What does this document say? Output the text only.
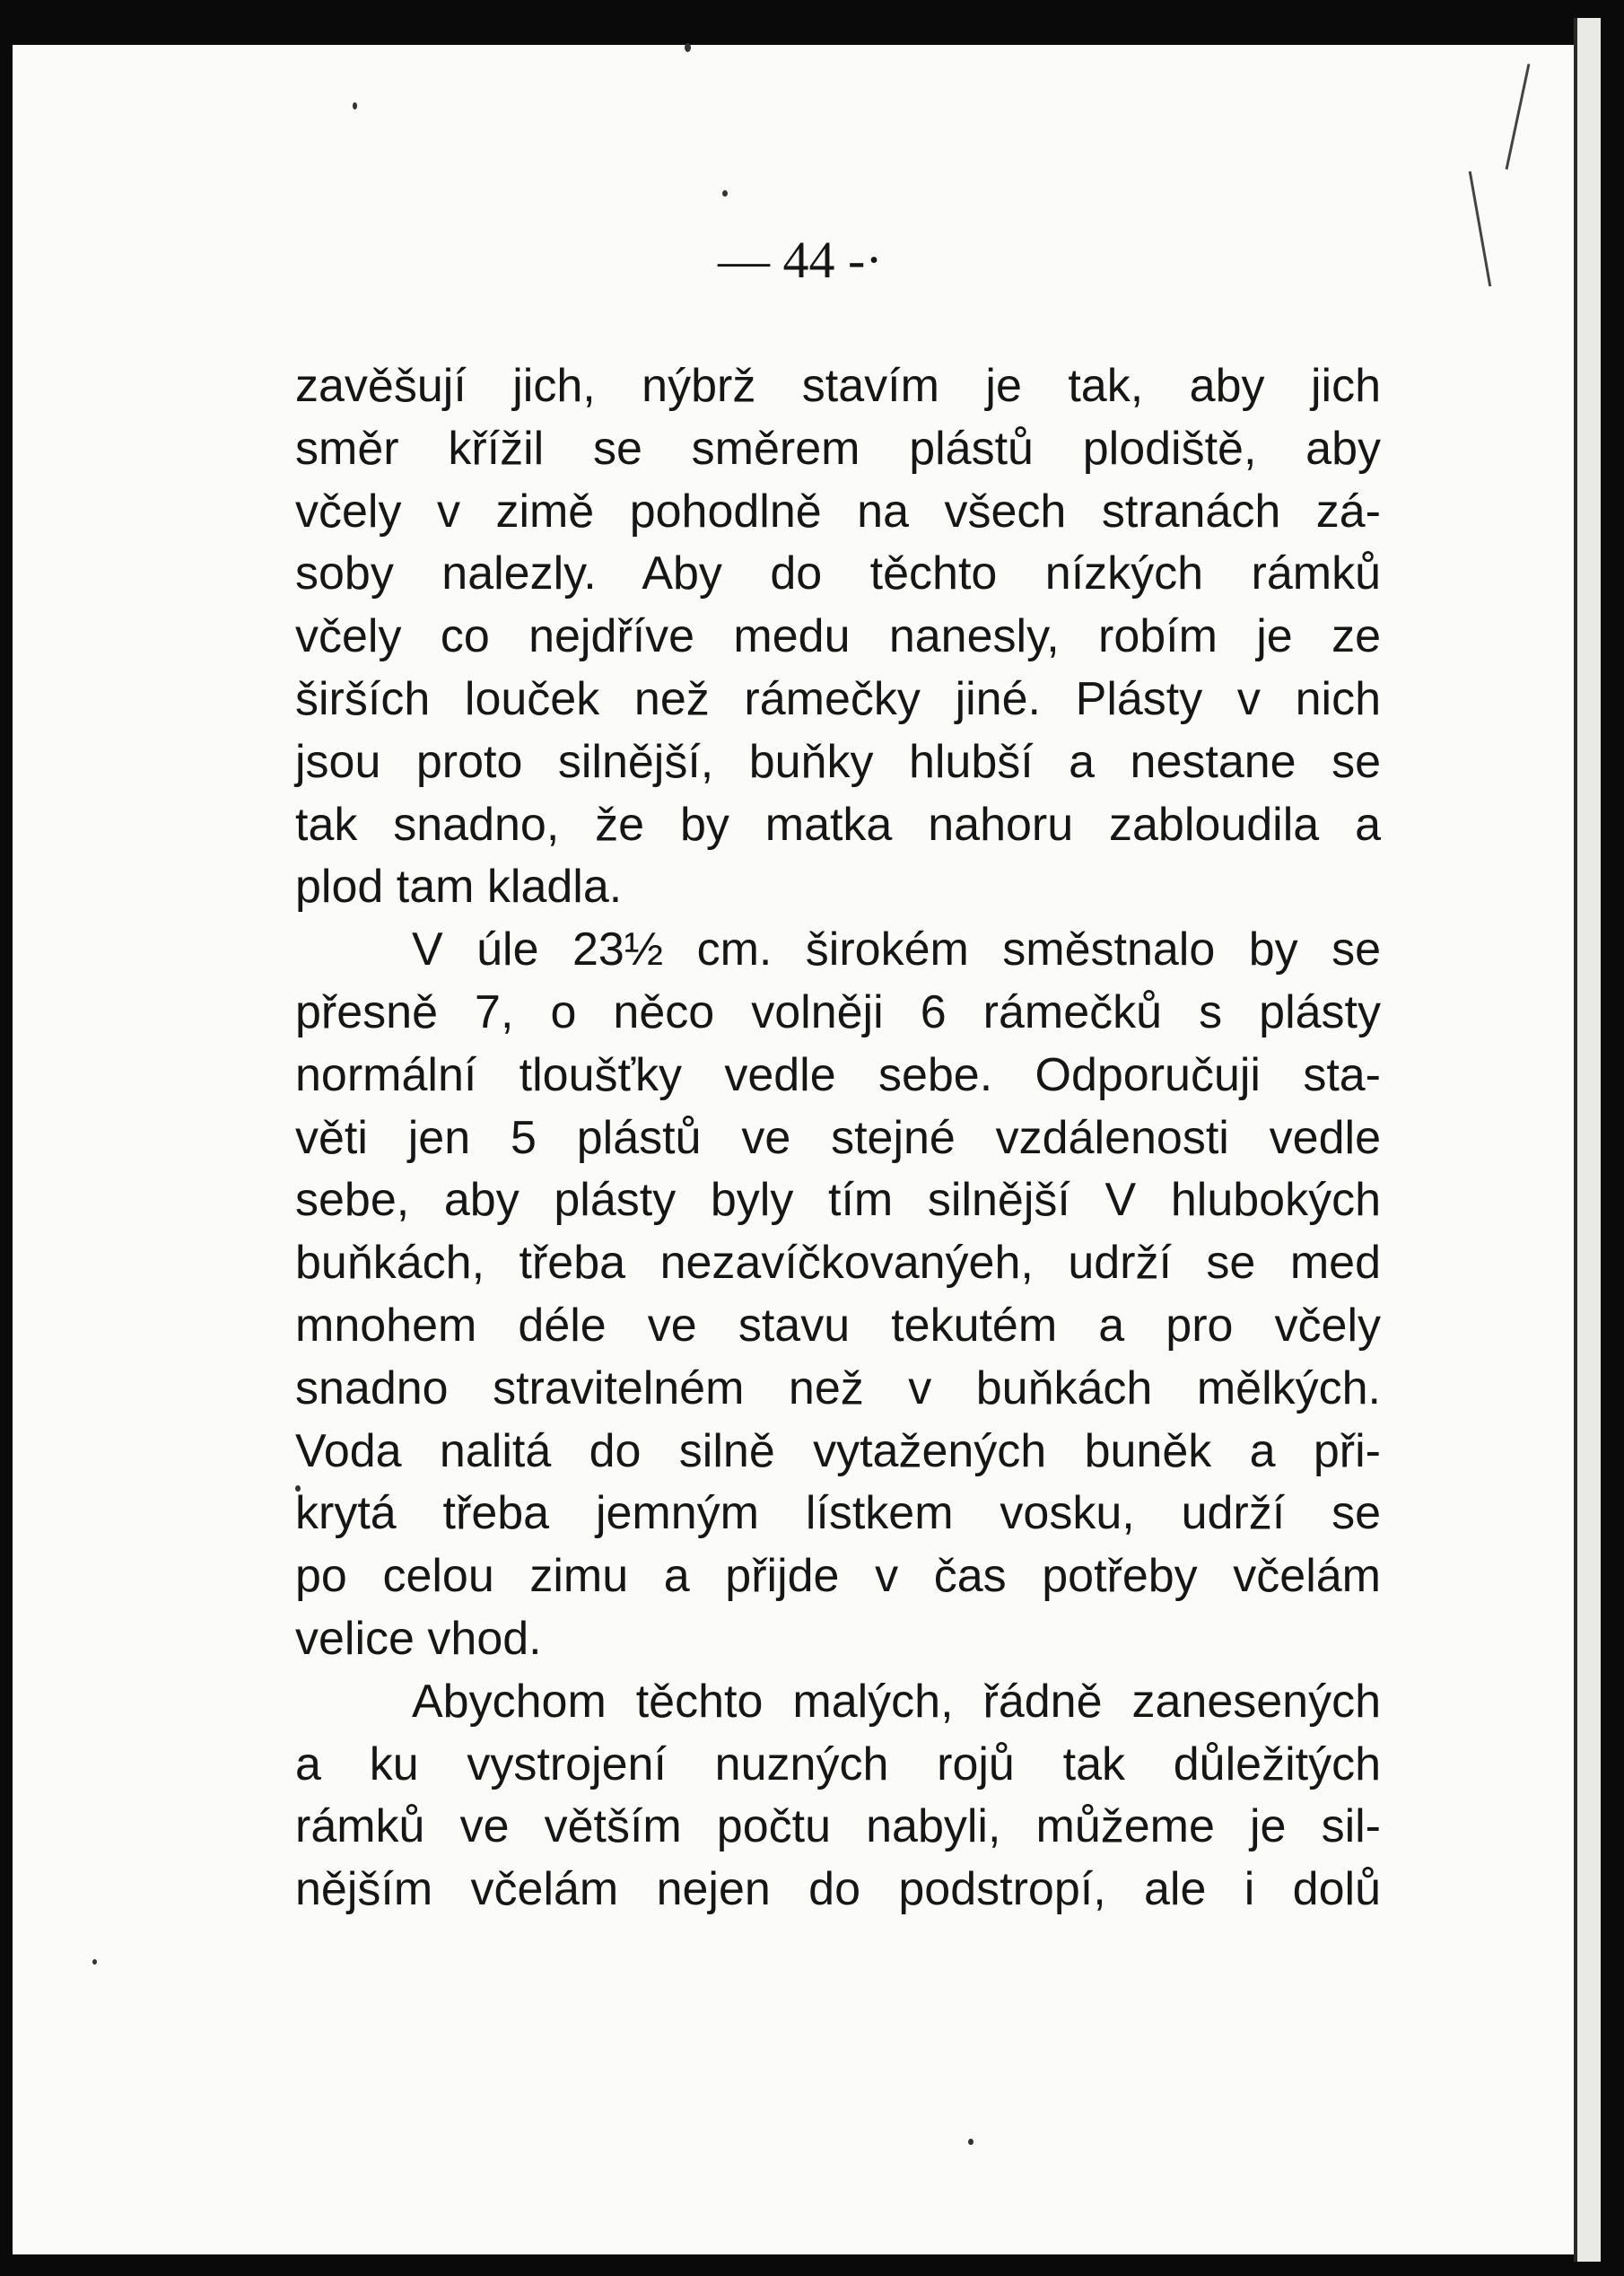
— 44 -·
zavěšují jich, nýbrž stavím je tak, aby jich
směr křížil se směrem plástů plodiště, aby
včely v zimě pohodlně na všech stranách zá-
soby nalezly. Aby do těchto nízkých rámků
včely co nejdříve medu nanesly, robím je ze
širších louček než rámečky jiné. Plásty v nich
jsou proto silnější, buňky hlubší a nestane se
tak snadno, že by matka nahoru zabloudila a
plod tam kladla.
V úle 23½ cm. širokém směstnalo by se
přesně 7, o něco volněji 6 rámečků s plásty
normální tloušťky vedle sebe. Odporučuji sta-
věti jen 5 plástů ve stejné vzdálenosti vedle
sebe, aby plásty byly tím silnější V hlubokých
buňkách, třeba nezavíčkovanýeh, udrží se med
mnohem déle ve stavu tekutém a pro včely
snadno stravitelném než v buňkách mělkých.
Voda nalitá do silně vytažených buněk a při-
krytá třeba jemným lístkem vosku, udrží se
po celou zimu a přijde v čas potřeby včelám
velice vhod.
Abychom těchto malých, řádně zanesených
a ku vystrojení nuzných rojů tak důležitých
rámků ve větším počtu nabyli, můžeme je sil-
nějším včelám nejen do podstropí, ale i dolů
